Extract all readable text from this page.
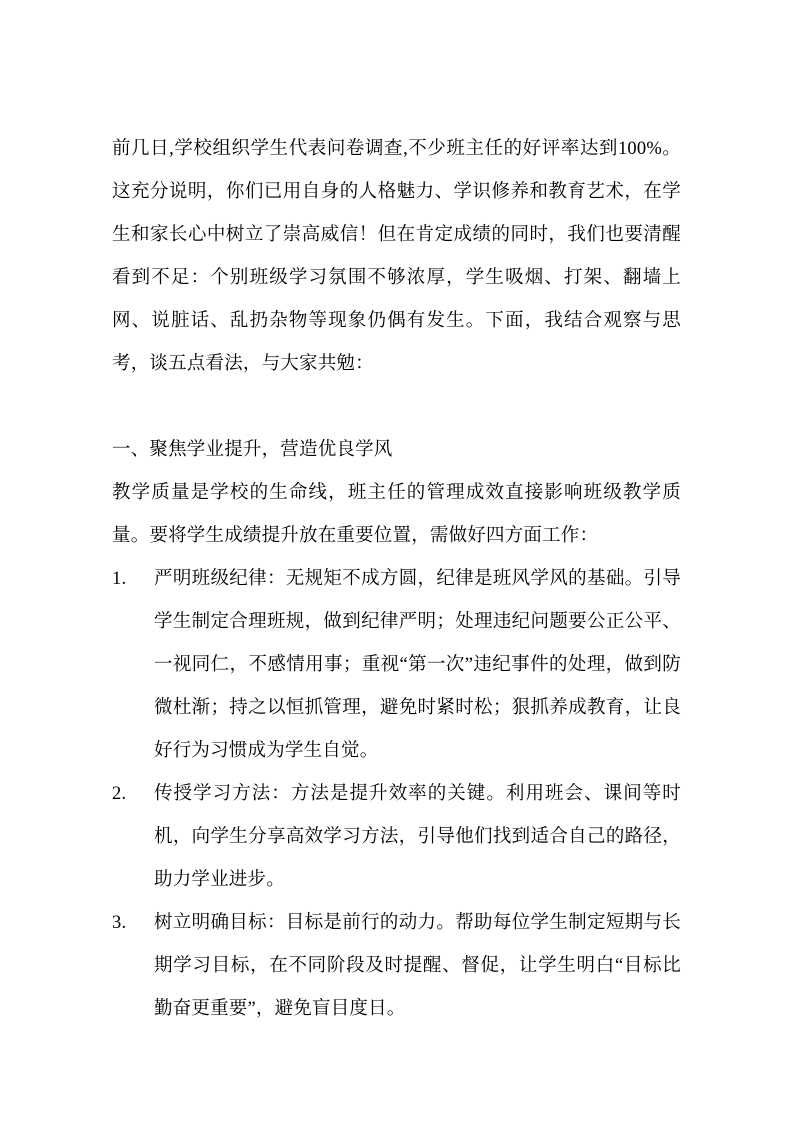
前几日,学校组织学生代表问卷调查,不少班主任的好评率达到100%。这充分说明，你们已用自身的人格魅力、学识修养和教育艺术，在学生和家长心中树立了崇高威信！但在肯定成绩的同时，我们也要清醒看到不足：个别班级学习氛围不够浓厚，学生吸烟、打架、翻墙上网、说脏话、乱扔杂物等现象仍偶有发生。下面，我结合观察与思考，谈五点看法，与大家共勉：

一、聚焦学业提升，营造优良学风

教学质量是学校的生命线，班主任的管理成效直接影响班级教学质量。要将学生成绩提升放在重要位置，需做好四方面工作：

1.	严明班级纪律：无规矩不成方圆，纪律是班风学风的基础。引导学生制定合理班规，做到纪律严明；处理违纪问题要公正公平、一视同仁，不感情用事；重视“第一次”违纪事件的处理，做到防微杜渐；持之以恒抓管理，避免时紧时松；狠抓养成教育，让良好行为习惯成为学生自觉。
2.	传授学习方法：方法是提升效率的关键。利用班会、课间等时机，向学生分享高效学习方法，引导他们找到适合自己的路径，助力学业进步。
3.	树立明确目标：目标是前行的动力。帮助每位学生制定短期与长期学习目标，在不同阶段及时提醒、督促，让学生明白“目标比勤奋更重要”，避免盲目度日。
